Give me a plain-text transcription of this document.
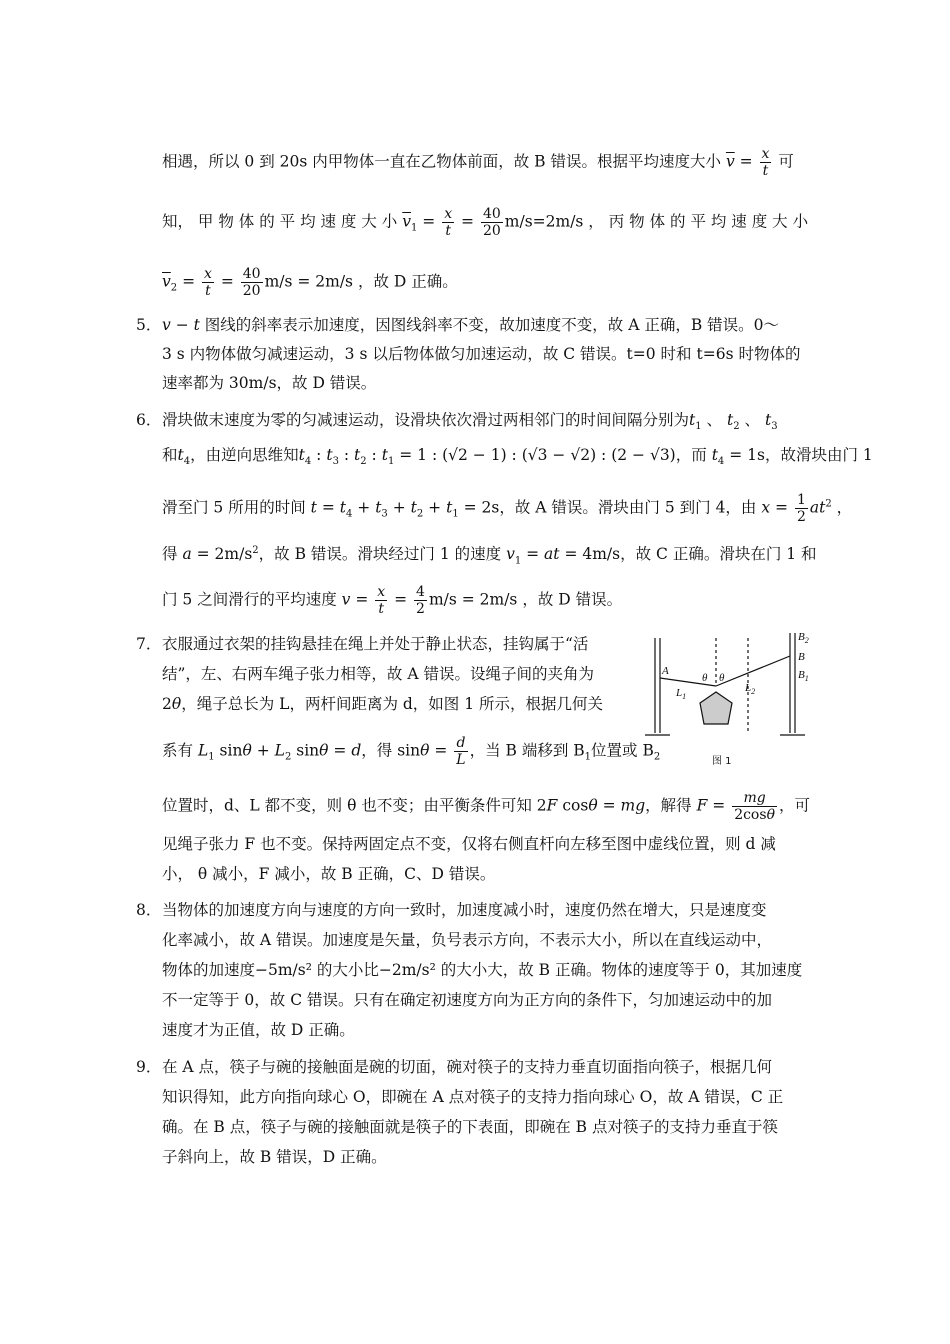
相遇，所以 0 到 20s 内甲物体一直在乙物体前面，故 B 错误。根据平均速度大小 $\overline{v} = \frac{x}{t}$ 可
知， 甲 物 体 的 平 均 速 度 大 小 $\overline{v}_1 = \frac{x}{t} = \frac{40}{20} m/s=2m/s$ ， 丙 物 体 的 平 均 速 度 大 小
$\overline{v}_2 = \frac{x}{t} = \frac{40}{20} m/s = 2m/s$ ，故 D 正确。
5． v − t 图线的斜率表示加速度，因图线斜率不变，故加速度不变，故 A 正确，B 错误。0～
3 s 内物体做匀减速运动，3 s 以后物体做匀加速运动，故 C 错误。t=0 时和 t=6s 时物体的
速率都为 30m/s，故 D 错误。
6． 滑块做末速度为零的匀减速运动，设滑块依次滑过两相邻门的时间间隔分别为$t_1$ 、 $t_2$ 、 $t_3$
和$t_4$，由逆向思维知$t_4$ : $t_3$ : $t_2$ : $t_1 = 1$ : (√2 − 1) : (√3 − √2) : (2 − √3)，而 $t_4 = 1s$，故滑块由门 1
滑至门 5 所用的时间 $t = t_4 + t_3 + t_2 + t_1 = 2s$，故 A 错误。滑块由门 5 到门 4，由 $x = \frac{1}{2} at^2$ ，
得 $a = 2m/s^2$，故 B 错误。滑块经过门 1 的速度 $v_1$ = at = 4m/s，故 C 正确。滑块在门 1 和
门 5 之间滑行的平均速度 $v = \frac{x}{t} = \frac{4}{2} m/s = 2m/s$ ，故 D 错误。
7． 衣服通过衣架的挂钩悬挂在绳上并处于静止状态，挂钩属于“活
结”，左、右两车绳子张力相等，故 A 错误。设绳子间的夹角为
2θ，绳子总长为 L，两杆间距离为 d，如图 1 所示，根据几何关
系有 $L_1$ $\sin\theta + L_2$ sinθ = d，得 $\sin\theta = \frac{d}{L}$ ，当 B 端移到 $B_1$位置或 $B_2$
位置时，d、L 都不变，则 θ 也不变；由平衡条件可知 2F cosθ = mg，解得 $F = \frac{mg}{2\cos\theta}$ ，可
见绳子张力 F 也不变。保持两固定点不变，仅将右侧直杆向左移至图中虚线位置，则 d 减
小， θ 减小，F 减小，故 B 正确，C、D 错误。
$B_2$
B
$B_1$
A
θ θ
$L_1$
$L_2$
图 1
8． 当物体的加速度方向与速度的方向一致时，加速度减小时，速度仍然在增大，只是速度变
化率减小，故 A 错误。加速度是矢量，负号表示方向，不表示大小，所以在直线运动中，
物体的加速度−5m/s² 的大小比−2m/s² 的大小大，故 B 正确。物体的速度等于 0，其加速度
不一定等于 0，故 C 错误。只有在确定初速度方向为正方向的条件下，匀加速运动中的加
速度才为正值，故 D 正确。
9． 在 A 点，筷子与碗的接触面是碗的切面，碗对筷子的支持力垂直切面指向筷子，根据几何
知识得知，此方向指向球心 O，即碗在 A 点对筷子的支持力指向球心 O，故 A 错误，C 正
确。在 B 点，筷子与碗的接触面就是筷子的下表面，即碗在 B 点对筷子的支持力垂直于筷
子斜向上，故 B 错误，D 正确。
